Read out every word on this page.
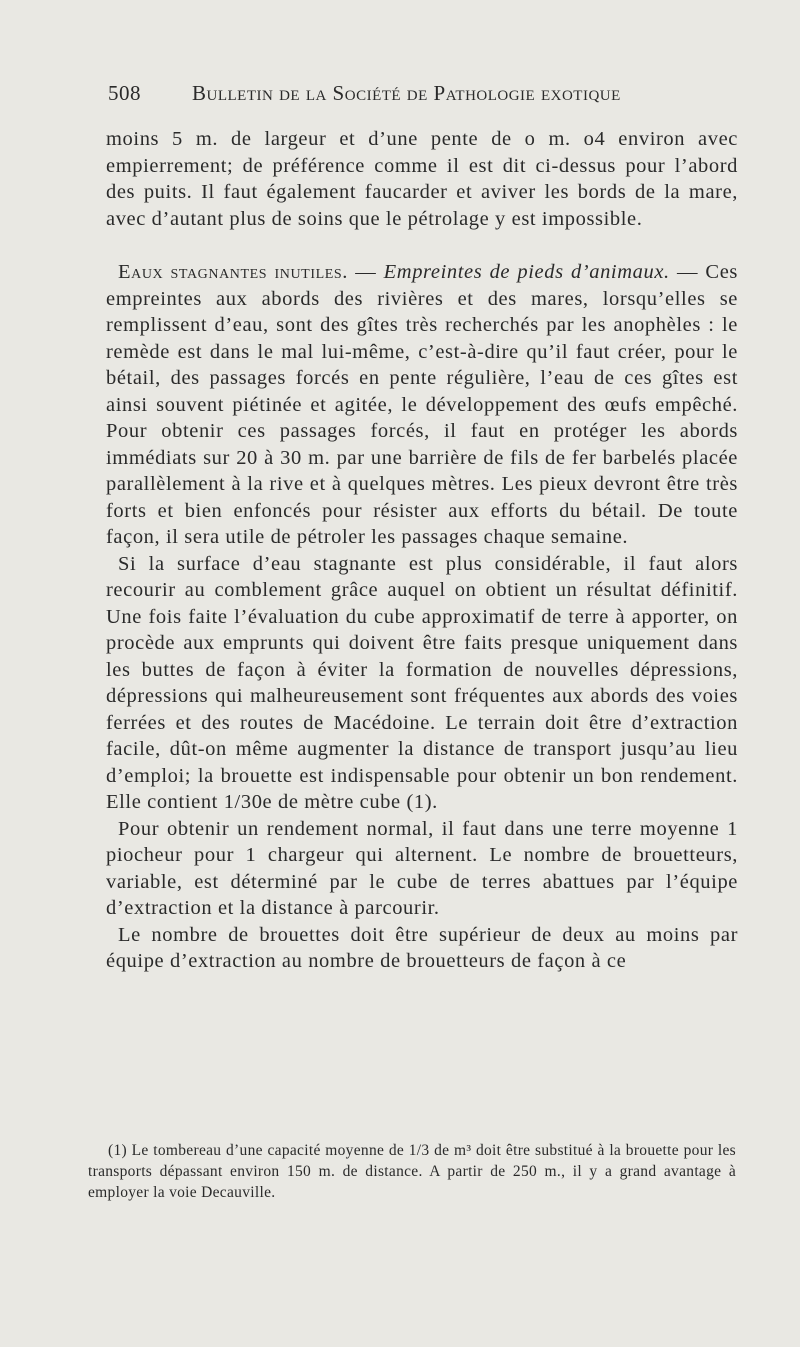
508 Bulletin de la Société de Pathologie exotique

moins 5 m. de largeur et d’une pente de o m. o4 environ avec empierrement; de préférence comme il est dit ci-dessus pour l’abord des puits. Il faut également faucarder et aviver les bords de la mare, avec d’autant plus de soins que le pétrolage y est impossible.

Eaux stagnantes inutiles. — Empreintes de pieds d’animaux. — Ces empreintes aux abords des rivières et des mares, lorsqu’elles se remplissent d’eau, sont des gîtes très recherchés par les anophèles : le remède est dans le mal lui-même, c’est-à-dire qu’il faut créer, pour le bétail, des passages forcés en pente régulière, l’eau de ces gîtes est ainsi souvent piétinée et agitée, le développement des œufs empêché. Pour obtenir ces passages forcés, il faut en protéger les abords immédiats sur 20 à 30 m. par une barrière de fils de fer barbelés placée parallèlement à la rive et à quelques mètres. Les pieux devront être très forts et bien enfoncés pour résister aux efforts du bétail. De toute façon, il sera utile de pétroler les passages chaque semaine.

Si la surface d’eau stagnante est plus considérable, il faut alors recourir au comblement grâce auquel on obtient un résultat définitif. Une fois faite l’évaluation du cube approximatif de terre à apporter, on procède aux emprunts qui doivent être faits presque uniquement dans les buttes de façon à éviter la formation de nouvelles dépressions, dépressions qui malheureusement sont fréquentes aux abords des voies ferrées et des routes de Macédoine. Le terrain doit être d’extraction facile, dût-on même augmenter la distance de transport jusqu’au lieu d’emploi; la brouette est indispensable pour obtenir un bon rendement. Elle contient 1/30e de mètre cube (1).

Pour obtenir un rendement normal, il faut dans une terre moyenne 1 piocheur pour 1 chargeur qui alternent. Le nombre de brouetteurs, variable, est déterminé par le cube de terres abattues par l’équipe d’extraction et la distance à parcourir.

Le nombre de brouettes doit être supérieur de deux au moins par équipe d’extraction au nombre de brouetteurs de façon à ce

(1) Le tombereau d’une capacité moyenne de 1/3 de m³ doit être substitué à la brouette pour les transports dépassant environ 150 m. de distance. A partir de 250 m., il y a grand avantage à employer la voie Decauville.
